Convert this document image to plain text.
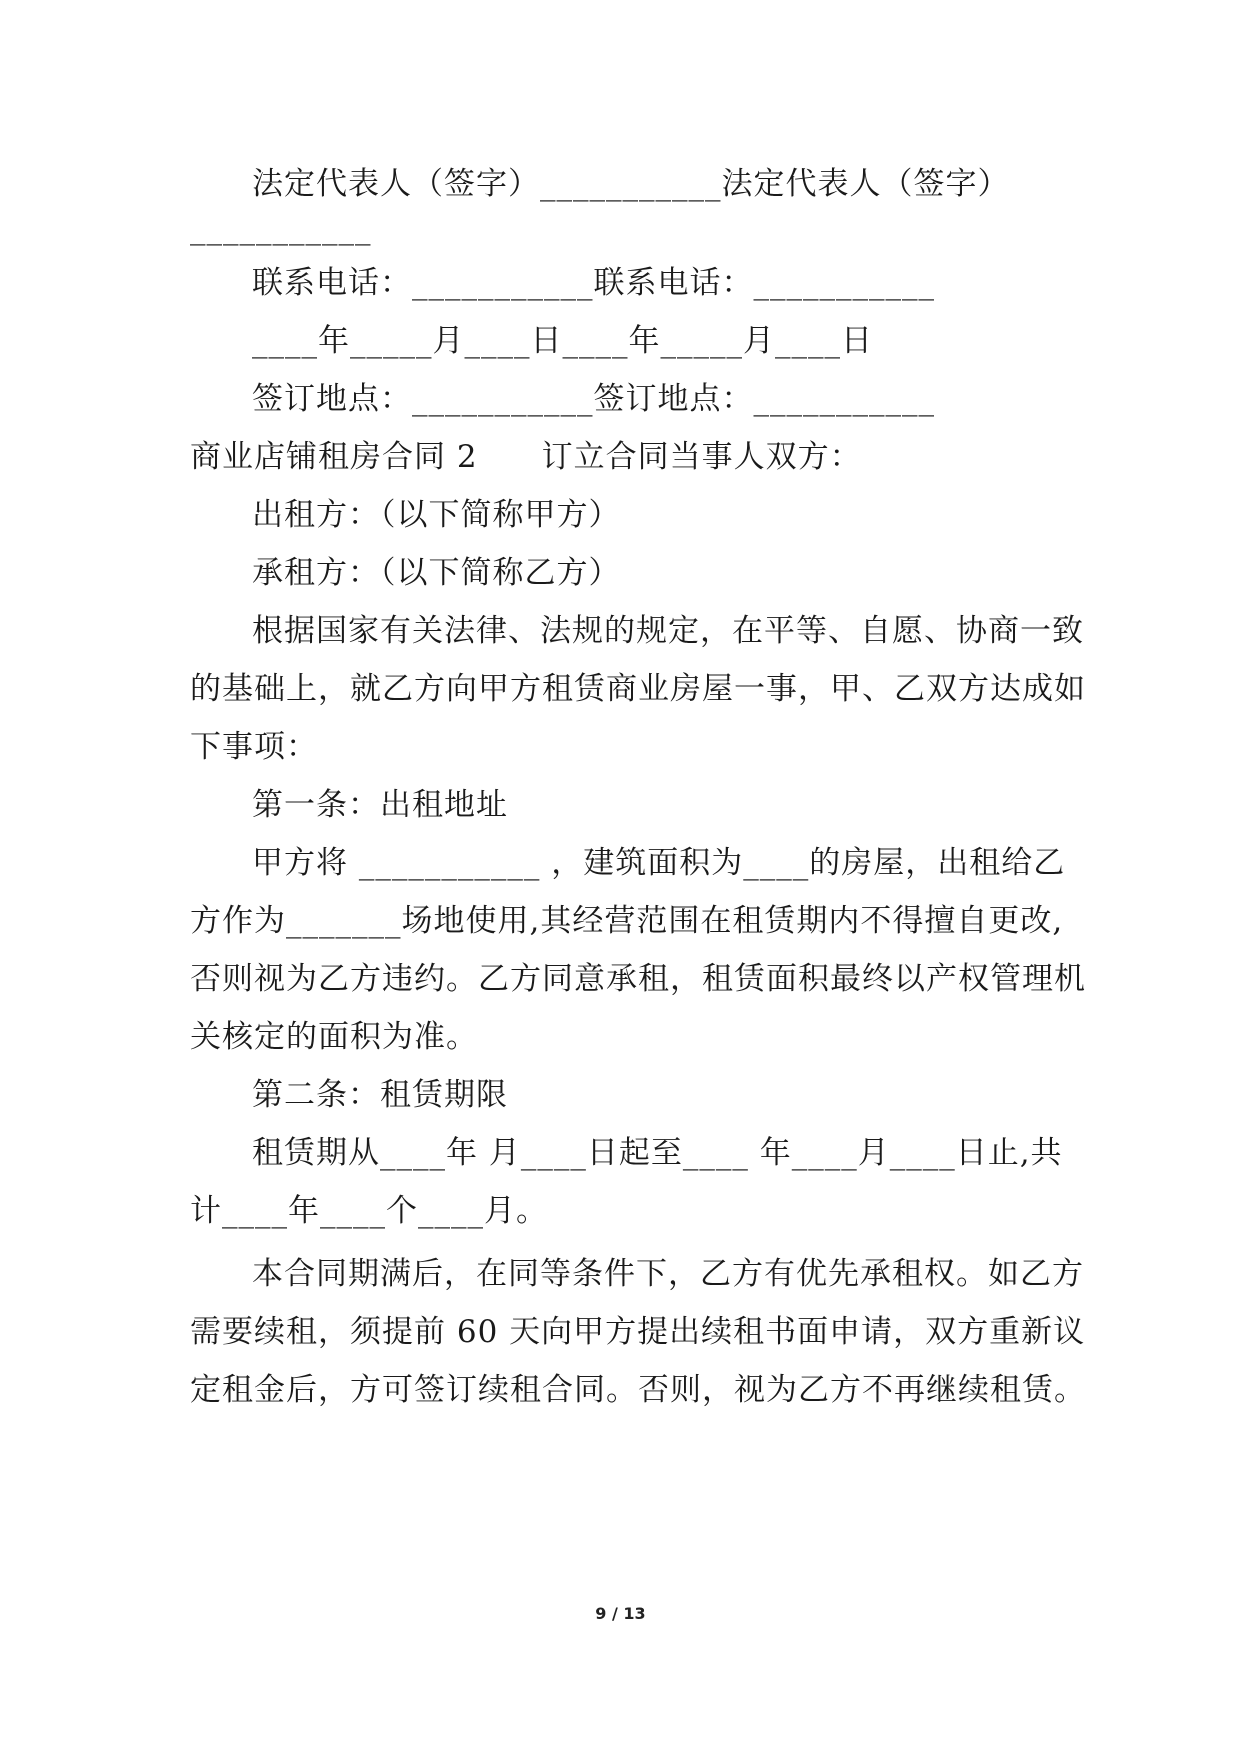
法定代表人（签字）___________法定代表人（签字）
___________
联系电话：___________联系电话：___________
____年_____月____日____年_____月____日
签订地点：___________签订地点：___________
商业店铺租房合同 2　　订立合同当事人双方：
出租方：（以下简称甲方）
承租方：（以下简称乙方）
根据国家有关法律、法规的规定，在平等、自愿、协商一致
的基础上，就乙方向甲方租赁商业房屋一事，甲、乙双方达成如
下事项：
第一条：出租地址
甲方将 ___________ ，建筑面积为____的房屋，出租给乙
方作为_______场地使用,其经营范围在租赁期内不得擅自更改,
否则视为乙方违约。乙方同意承租，租赁面积最终以产权管理机
关核定的面积为准。
第二条：租赁期限
租赁期从____年 月____日起至____ 年____月____日止,共
计____年____个____月。
本合同期满后，在同等条件下，乙方有优先承租权。如乙方
需要续租，须提前 60 天向甲方提出续租书面申请，双方重新议
定租金后，方可签订续租合同。否则，视为乙方不再继续租赁。
9 / 13
